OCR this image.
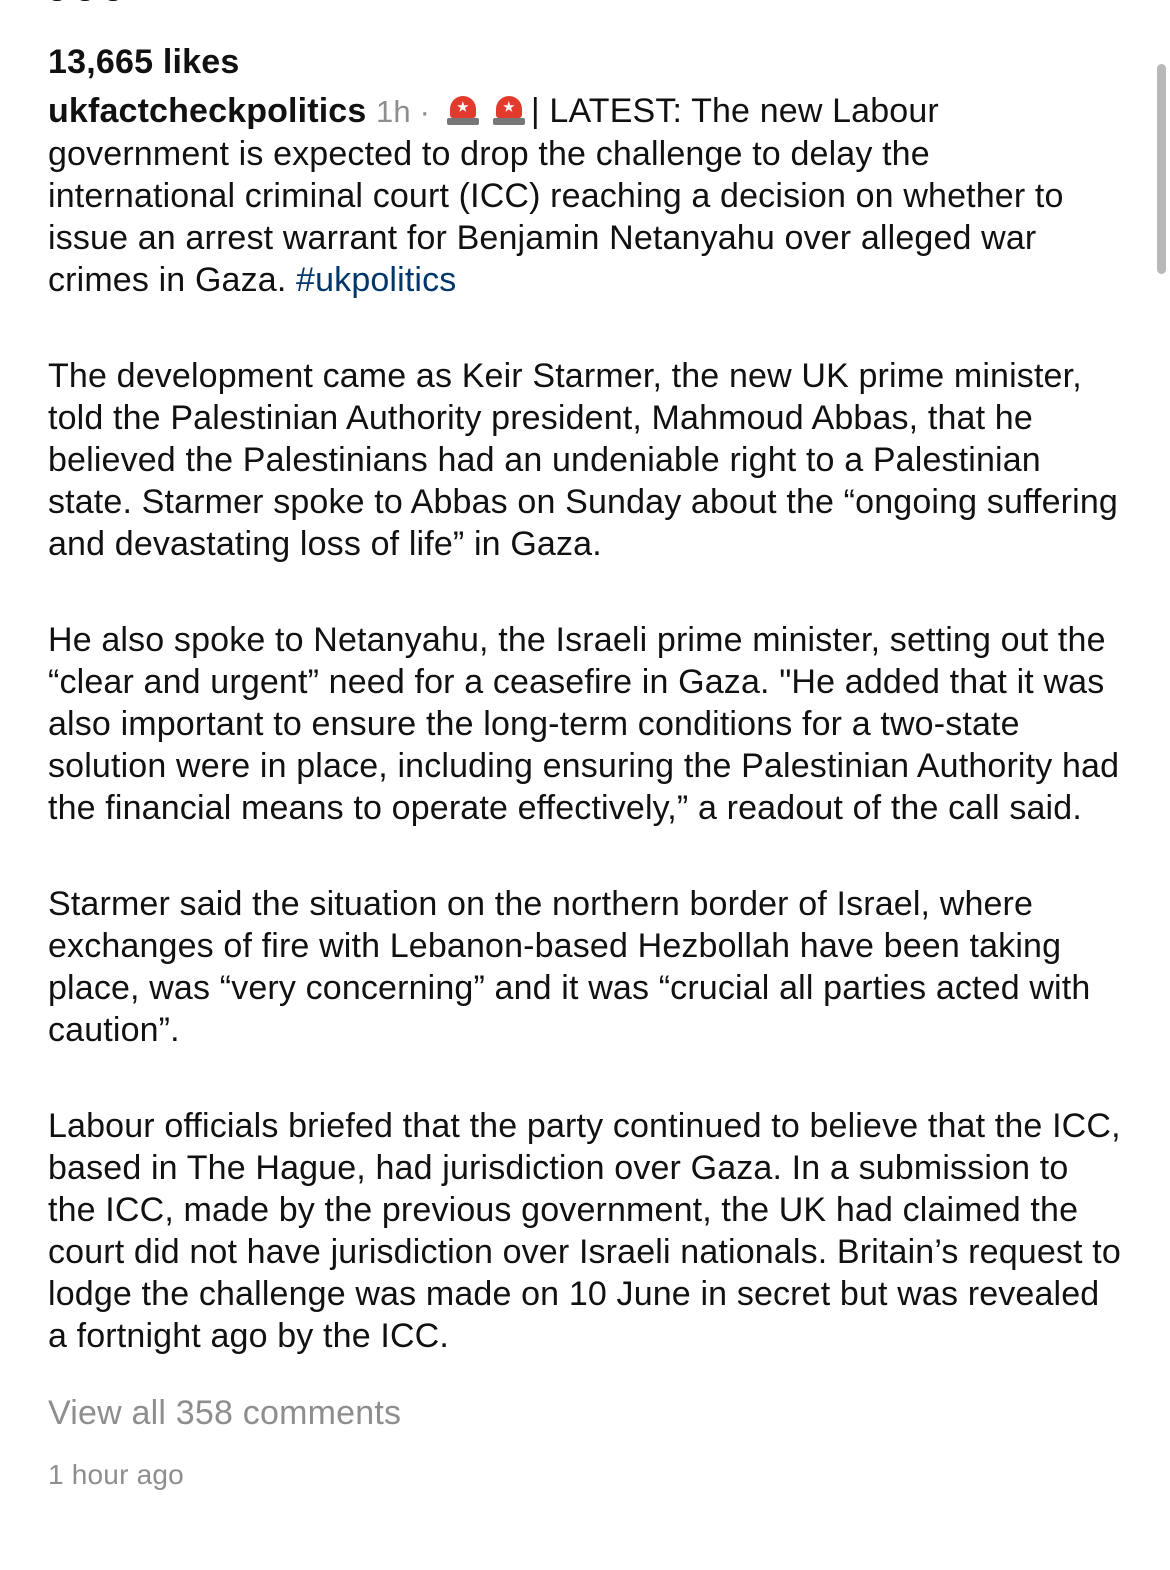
13,665 likes

ukfactcheckpolitics 1h ·	| LATEST: The new Labour government is expected to drop the challenge to delay the international criminal court (ICC) reaching a decision on whether to issue an arrest warrant for Benjamin Netanyahu over alleged war crimes in Gaza. #ukpolitics

The development came as Keir Starmer, the new UK prime minister, told the Palestinian Authority president, Mahmoud Abbas, that he believed the Palestinians had an undeniable right to a Palestinian state. Starmer spoke to Abbas on Sunday about the “ongoing suffering and devastating loss of life” in Gaza.

He also spoke to Netanyahu, the Israeli prime minister, setting out the “clear and urgent” need for a ceasefire in Gaza. "He added that it was also important to ensure the long-term conditions for a two-state solution were in place, including ensuring the Palestinian Authority had the financial means to operate effectively,” a readout of the call said.

Starmer said the situation on the northern border of Israel, where exchanges of fire with Lebanon-based Hezbollah have been taking place, was “very concerning” and it was “crucial all parties acted with caution”.

Labour officials briefed that the party continued to believe that the ICC, based in The Hague, had jurisdiction over Gaza. In a submission to the ICC, made by the previous government, the UK had claimed the court did not have jurisdiction over Israeli nationals. Britain’s request to lodge the challenge was made on 10 June in secret but was revealed a fortnight ago by the ICC.

View all 358 comments

1 hour ago
